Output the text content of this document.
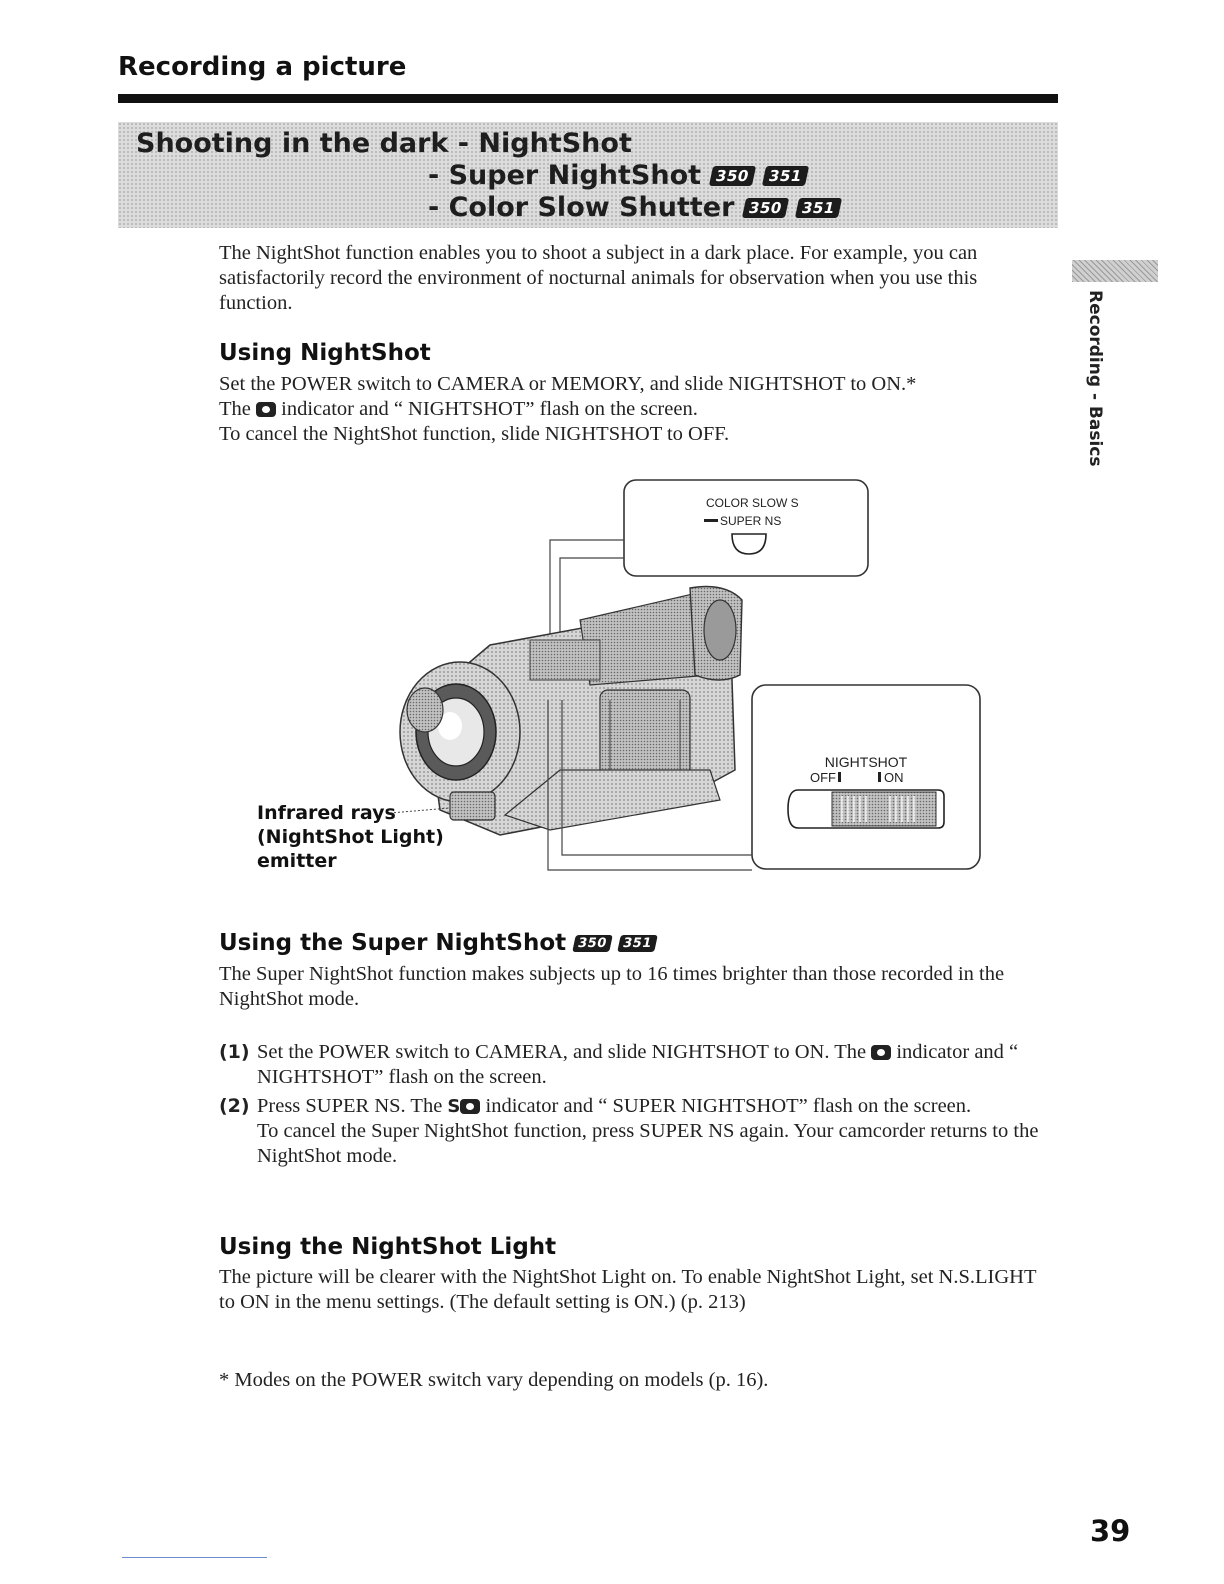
Recording a picture
Shooting in the dark - NightShot
- Super NightShot 350	351
- Color Slow Shutter 350	351
Recording - Basics
The NightShot function enables you to shoot a subject in a dark place. For example, you can satisfactorily record the environment of nocturnal animals for observation when you use this function.
Using NightShot
Set the POWER switch to CAMERA or MEMORY, and slide NIGHTSHOT to ON.*
The indicator and “ NIGHTSHOT” flash on the screen.
To cancel the NightShot function, slide NIGHTSHOT to OFF.
COLOR SLOW S
SUPER NS
NIGHTSHOT
OFF	ON
Infrared rays
(NightShot Light)
emitter
Using the Super NightShot 350 351
The Super NightShot function makes subjects up to 16 times brighter than those recorded in the NightShot mode.
(1) Set the POWER switch to CAMERA, and slide NIGHTSHOT to ON. The indicator and “ NIGHTSHOT” flash on the screen.
(2) Press SUPER NS. The S indicator and “ SUPER NIGHTSHOT” flash on the screen.
To cancel the Super NightShot function, press SUPER NS again. Your camcorder returns to the NightShot mode.
Using the NightShot Light
The picture will be clearer with the NightShot Light on. To enable NightShot Light, set N.S.LIGHT to ON in the menu settings. (The default setting is ON.) (p. 213)
* Modes on the POWER switch vary depending on models (p. 16).
39
